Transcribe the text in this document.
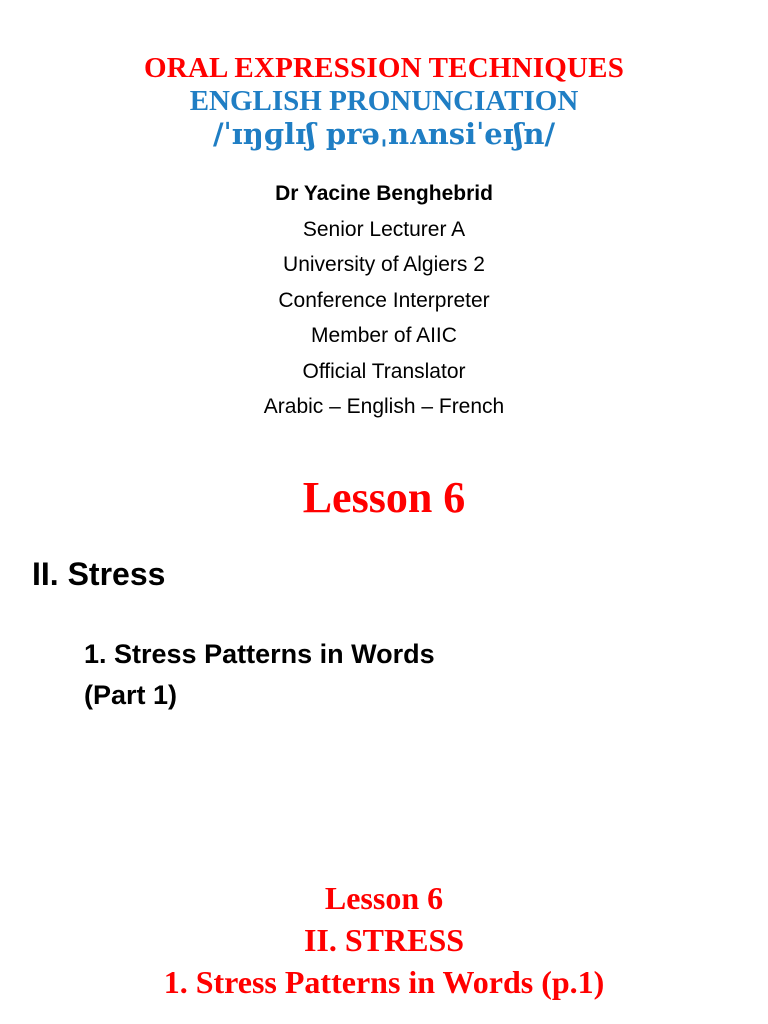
ORAL EXPRESSION TECHNIQUES
ENGLISH PRONUNCIATION
/ˈɪŋɡlɪʃ prəˌnʌnsiˈeɪʃn/
Dr Yacine Benghebrid
Senior Lecturer A
University of Algiers 2
Conference Interpreter
Member of AIIC
Official Translator
Arabic – English – French
Lesson 6
II. Stress
1. Stress Patterns in Words
(Part 1)
Lesson 6
II. STRESS
1. Stress Patterns in Words (p.1)
